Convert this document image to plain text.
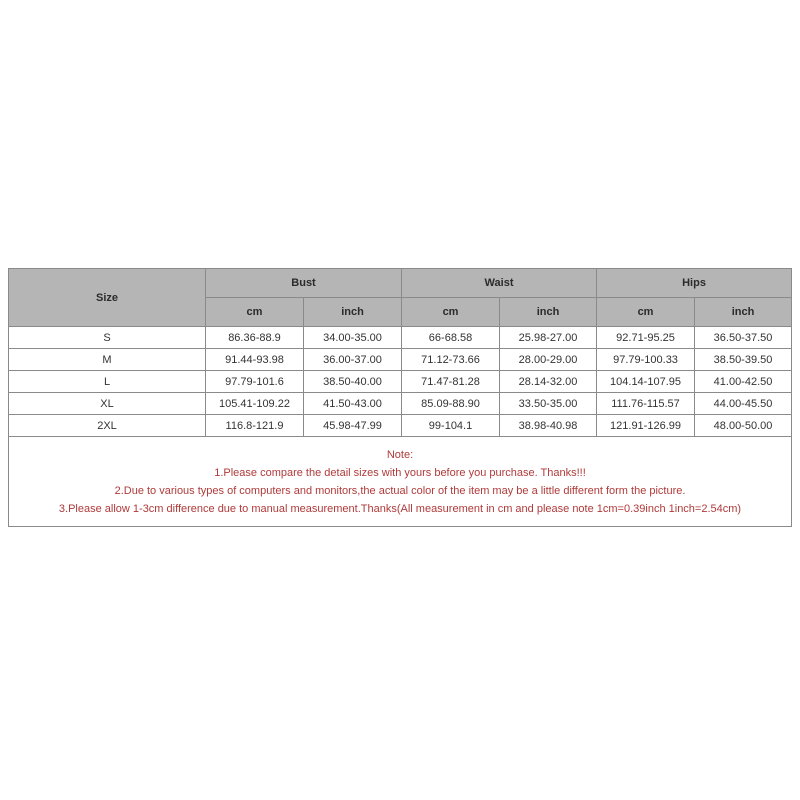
Size	Bust		Waist		Hips	
	cm	inch	cm	inch	cm	inch
S	86.36-88.9	34.00-35.00	66-68.58	25.98-27.00	92.71-95.25	36.50-37.50
M	91.44-93.98	36.00-37.00	71.12-73.66	28.00-29.00	97.79-100.33	38.50-39.50
L	97.79-101.6	38.50-40.00	71.47-81.28	28.14-32.00	104.14-107.95	41.00-42.50
XL	105.41-109.22	41.50-43.00	85.09-88.90	33.50-35.00	111.76-115.57	44.00-45.50
2XL	116.8-121.9	45.98-47.99	99-104.1	38.98-40.98	121.91-126.99	48.00-50.00

Note:
1.Please compare the detail sizes with yours before you purchase. Thanks!!!
2.Due to various types of computers and monitors,the actual color of the item may be a little different form the picture.
3.Please allow 1-3cm difference due to manual measurement.Thanks(All measurement in cm and please note 1cm=0.39inch 1inch=2.54cm)						
